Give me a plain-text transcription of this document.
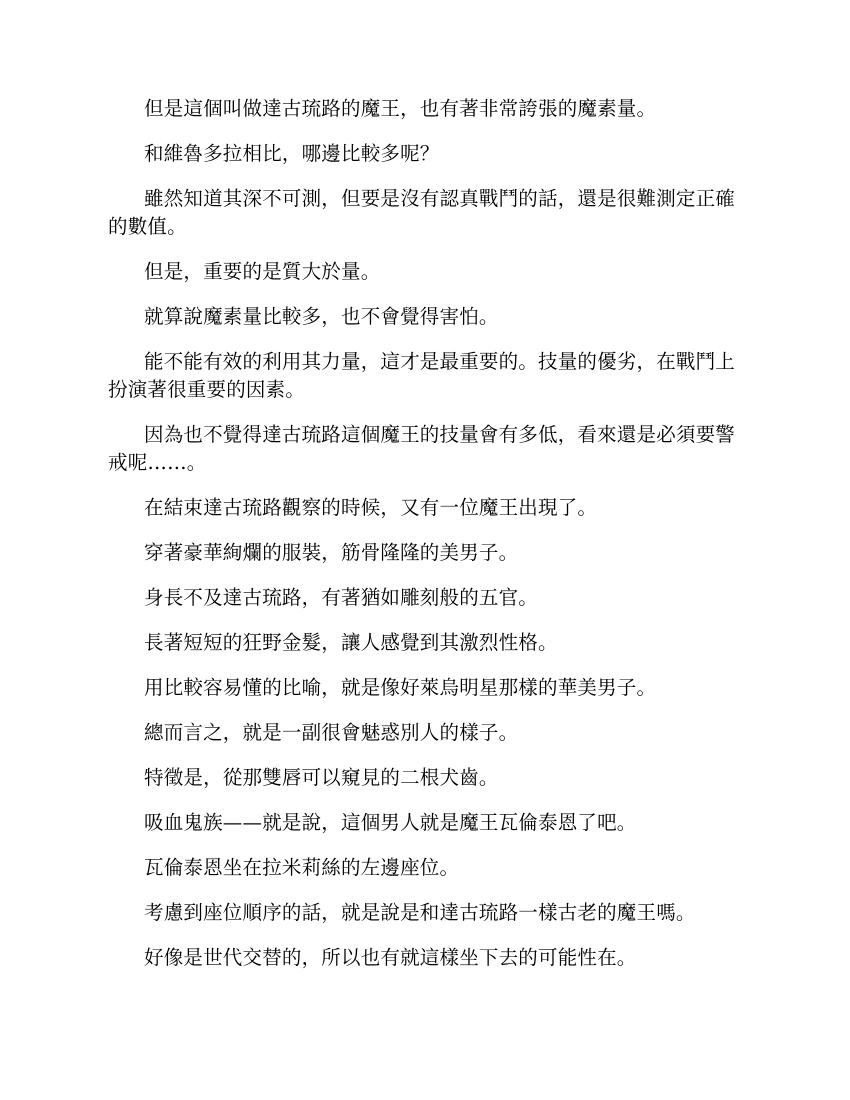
但是這個叫做達古琉路的魔王，也有著非常誇張的魔素量。

和維魯多拉相比，哪邊比較多呢？

雖然知道其深不可測，但要是沒有認真戰鬥的話，還是很難測定正確的數值。

但是，重要的是質大於量。

就算說魔素量比較多，也不會覺得害怕。

能不能有效的利用其力量，這才是最重要的。技量的優劣，在戰鬥上扮演著很重要的因素。

因為也不覺得達古琉路這個魔王的技量會有多低，看來還是必須要警戒呢……。

在結束達古琉路觀察的時候，又有一位魔王出現了。

穿著豪華絢爛的服裝，筋骨隆隆的美男子。

身長不及達古琉路，有著猶如雕刻般的五官。

長著短短的狂野金髮，讓人感覺到其激烈性格。

用比較容易懂的比喻，就是像好萊烏明星那樣的華美男子。

總而言之，就是一副很會魅惑別人的樣子。

特徵是，從那雙唇可以窺見的二根犬齒。

吸血鬼族——就是說，這個男人就是魔王瓦倫泰恩了吧。

瓦倫泰恩坐在拉米莉絲的左邊座位。

考慮到座位順序的話，就是說是和達古琉路一樣古老的魔王嗎。

好像是世代交替的，所以也有就這樣坐下去的可能性在。
